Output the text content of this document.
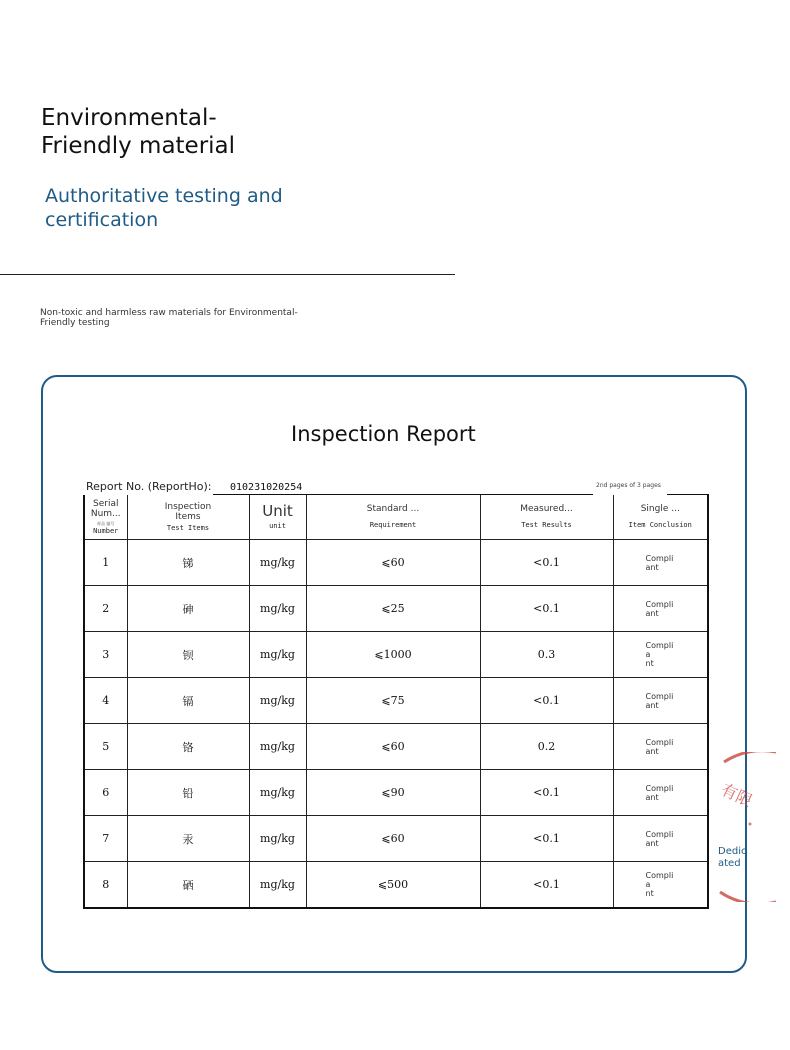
Environmental-
Friendly material
Authoritative testing and
certification
Non-toxic and harmless raw materials for Environmental-
Friendly testing
Inspection Report
Report No. (ReportHo): 010231020254	2nd pages of 3 pages
Serial
Num...
样品 编号
Number	Inspection
Items
Test Items	Unit
unit	Standard ...
Requirement	Measured...
Test Results	Single ...
Item Conclusion

1	锑	mg/kg	⩽60	<0.1	Compli
ant

2	砷	mg/kg	⩽25	<0.1	Compli
ant

3	钡	mg/kg	⩽1000	0.3	Complia
nt

4	镉	mg/kg	⩽75	<0.1	Compli
ant

5	铬	mg/kg	⩽60	0.2	Compli
ant

6	铅	mg/kg	⩽90	<0.1	Compli
ant

7	汞	mg/kg	⩽60	<0.1	Compli
ant

8	硒	mg/kg	⩽500	<0.1	Complia
nt
有限
Dedic
ated
